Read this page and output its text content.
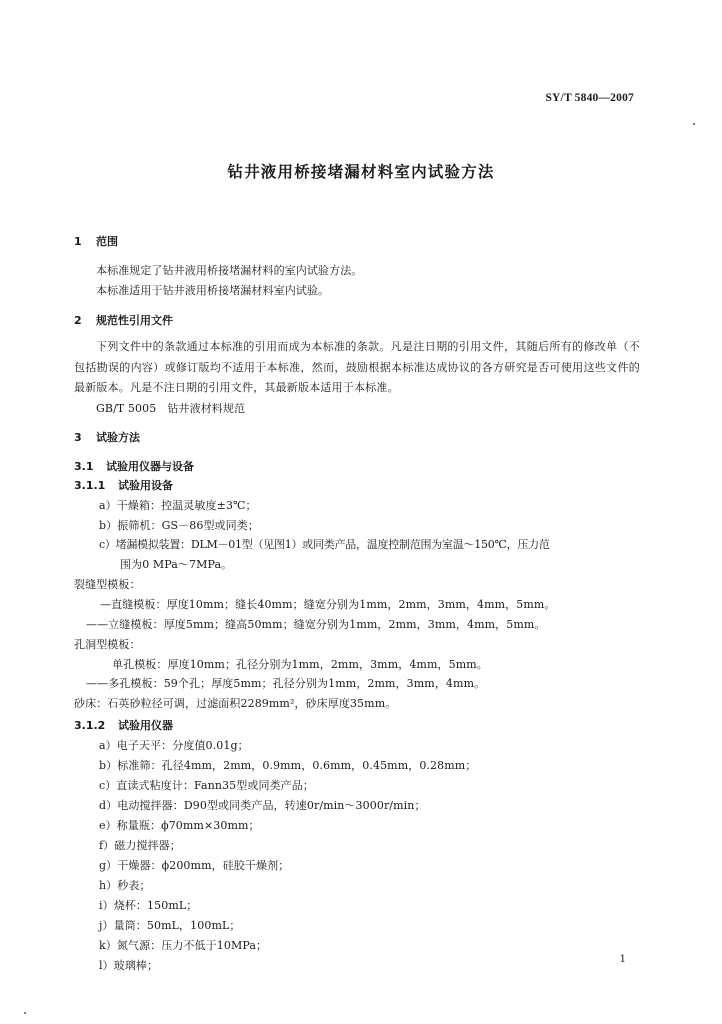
SY/T 5840—2007
钻井液用桥接堵漏材料室内试验方法
1 范围
本标准规定了钻井液用桥接堵漏材料的室内试验方法。
本标准适用于钻井液用桥接堵漏材料室内试验。
2 规范性引用文件
下列文件中的条款通过本标准的引用而成为本标准的条款。凡是注日期的引用文件，其随后所有的修改单（不包括勘误的内容）或修订版均不适用于本标准，然而，鼓励根据本标准达成协议的各方研究是否可使用这些文件的最新版本。凡是不注日期的引用文件，其最新版本适用于本标准。
GB/T 5005　钻井液材料规范
3 试验方法
3.1 试验用仪器与设备
3.1.1 试验用设备
a）干燥箱：控温灵敏度±3℃；
b）振筛机：GS－86型或同类；
c）堵漏模拟装置：DLM－01型（见图1）或同类产品，温度控制范围为室温～150℃，压力范
围为0 MPa～7MPa。
裂缝型模板：
—直缝模板：厚度10mm；缝长40mm；缝宽分别为1mm，2mm，3mm，4mm，5mm。
——立缝模板：厚度5mm；缝高50mm；缝宽分别为1mm，2mm，3mm，4mm，5mm。
孔洞型模板：
单孔模板：厚度10mm；孔径分别为1mm，2mm，3mm，4mm，5mm。
——多孔模板：59个孔；厚度5mm；孔径分别为1mm，2mm，3mm，4mm。
砂床：石英砂粒径可调，过滤面积2289mm²，砂床厚度35mm。
3.1.2 试验用仪器
a）电子天平：分度值0.01g；
b）标准筛：孔径4mm，2mm，0.9mm，0.6mm，0.45mm，0.28mm；
c）直读式粘度计：Fann35型或同类产品；
d）电动搅拌器：D90型或同类产品，转速0r/min～3000r/min；
e）称量瓶：ϕ70mm×30mm；
f）磁力搅拌器；
g）干燥器：ϕ200mm，硅胶干燥剂；
h）秒表；
i）烧杯：150mL；
j）量筒：50mL，100mL；
k）氮气源：压力不低于10MPa；
l）玻璃棒；	1
